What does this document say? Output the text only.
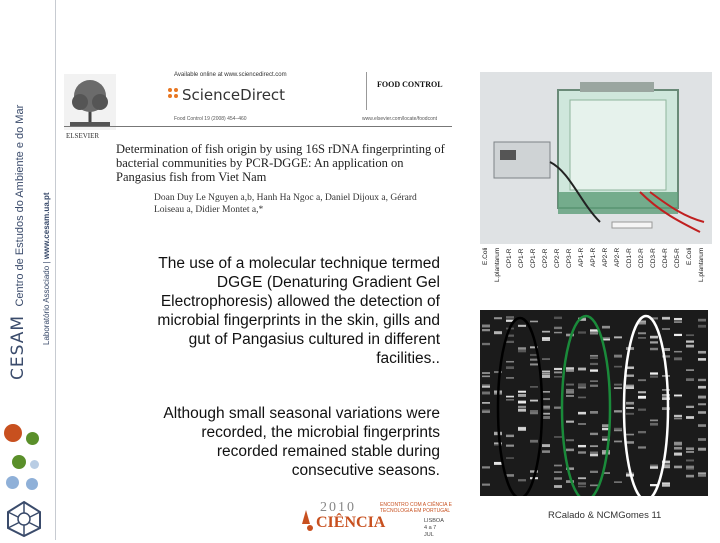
CESAM Centro de Estudos do Ambiente e do Mar Laboratório Associado | www.cesam.ua.pt
ELSEVIER
Available online at www.sciencedirect.com
ScienceDirect
FOOD CONTROL
Food Control 19 (2008) 454–460	www.elsevier.com/locate/foodcont
Determination of fish origin by using 16S rDNA fingerprinting of bacterial communities by PCR-DGGE: An application on Pangasius fish from Viet Nam
Doan Duy Le Nguyen a,b, Hanh Ha Ngoc a, Daniel Dijoux a, Gérard Loiseau a, Didier Montet a,*
E.Coli L.plantarum CP1-R CP1-R CP1-R CP2-R CP2-R CP3-R AP1-R AP1-R AP2-R AP2-R CD1-R CD2-R CD3-R CD4-R CD5-R E.Coli L.plantarum
The use of a molecular technique termed
DGGE (Denaturing Gradient Gel
Electrophoresis) allowed the detection of
microbial fingerprints in the skin, gills and
gut of Pangasius cultured in different
facilities..
Although small seasonal variations were
recorded, the microbial fingerprints
recorded remained stable during
consecutive seasons.
2010
CIÊNCIA
ENCONTRO COM A CIÊNCIA E TECNOLOGIA EM PORTUGAL
LISBOA 4 a 7 JUL
RCalado & NCMGomes 11
